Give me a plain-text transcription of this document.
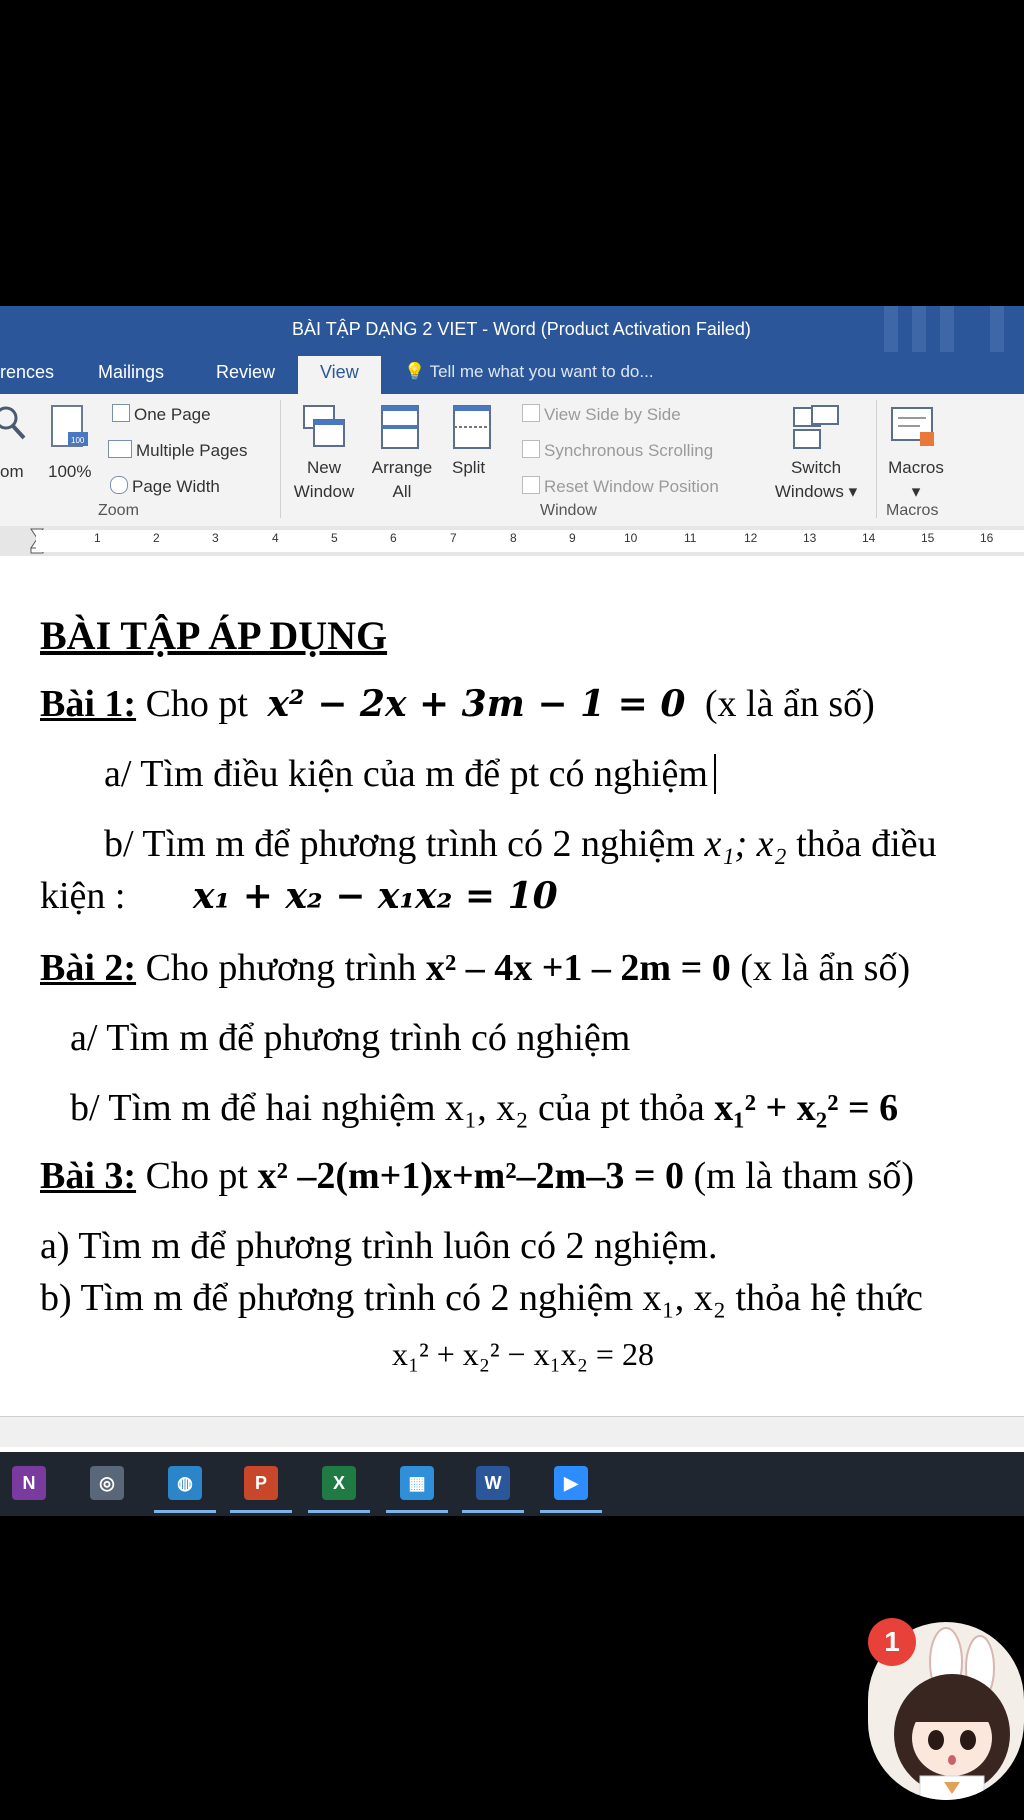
BÀI TẬP DẠNG 2 VIET - Word (Product Activation Failed)
rences Mailings	Review	View	💡 Tell me what you want to do...
om
100
100%
One Page
Multiple Pages
Page Width
Zoom
New
Window
Arrange
All
Split
View Side by Side
Synchronous Scrolling
Reset Window Position
Switch
Windows ▾
Window
Macros
▾
Macros
1	2	3	4	5	6	7	8	9	10	11	12	13	14	15	16
BÀI TẬP ÁP DỤNG
Bài 1: Cho pt x² − 2x + 3m − 1 = 0 (x là ẩn số)
a/ Tìm điều kiện của m để pt có nghiệm
b/ Tìm m để phương trình có 2 nghiệm x₁; x₂ thỏa điều
kiện : x₁ + x₂ − x₁x₂ = 10
Bài 2: Cho phương trình x² – 4x +1 – 2m = 0 (x là ẩn số)
a/ Tìm m để phương trình có nghiệm
b/ Tìm m để hai nghiệm x₁, x₂ của pt thỏa x₁² + x₂² = 6
Bài 3: Cho pt x² –2(m+1)x+m²–2m–3 = 0 (m là tham số)
a) Tìm m để phương trình luôn có 2 nghiệm.
b) Tìm m để phương trình có 2 nghiệm x₁, x₂ thỏa hệ thức
x₁² + x₂² − x₁x₂ = 28
N	◎	◍	P	X	▦	W	▶
1
